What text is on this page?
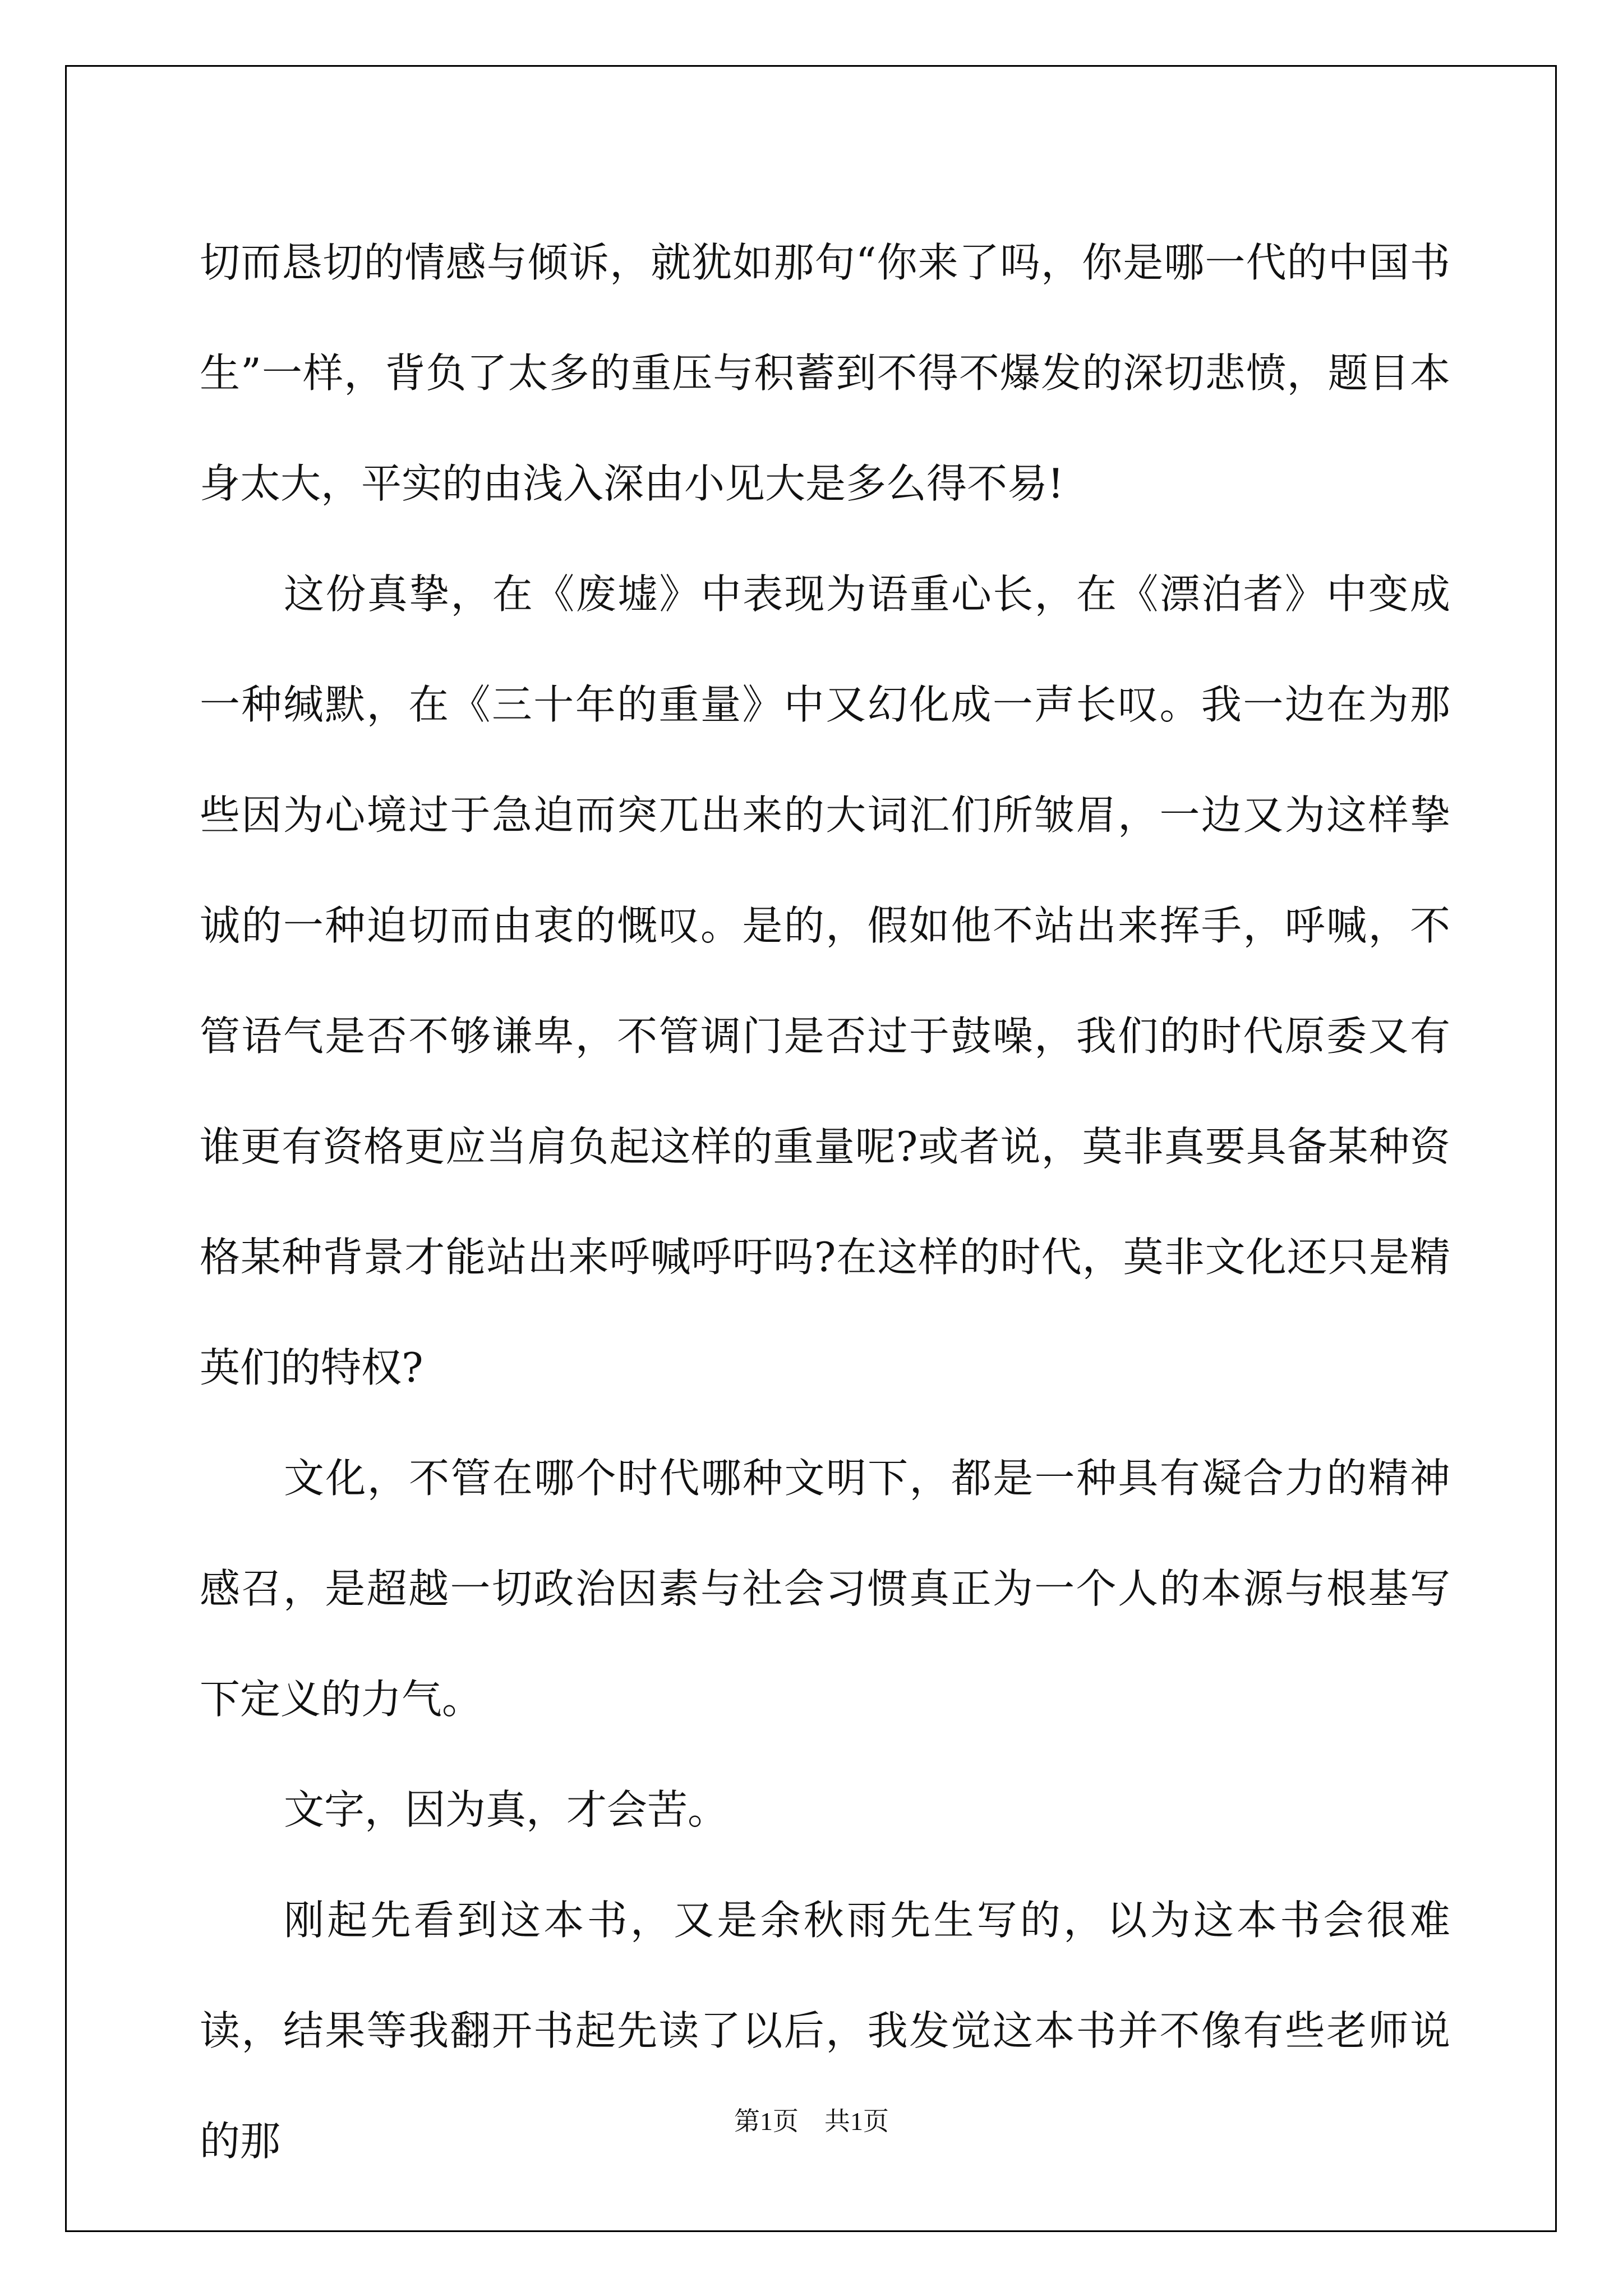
切而恳切的情感与倾诉，就犹如那句“你来了吗，你是哪一代的中国书生”一样，背负了太多的重压与积蓄到不得不爆发的深切悲愤，题目本身太大，平实的由浅入深由小见大是多么得不易!

这份真挚，在《废墟》中表现为语重心长，在《漂泊者》中变成一种缄默，在《三十年的重量》中又幻化成一声长叹。我一边在为那些因为心境过于急迫而突兀出来的大词汇们所皱眉，一边又为这样挚诚的一种迫切而由衷的慨叹。是的，假如他不站出来挥手，呼喊，不管语气是否不够谦卑，不管调门是否过于鼓噪，我们的时代原委又有谁更有资格更应当肩负起这样的重量呢?或者说，莫非真要具备某种资格某种背景才能站出来呼喊呼吁吗?在这样的时代，莫非文化还只是精英们的特权?

文化，不管在哪个时代哪种文明下，都是一种具有凝合力的精神感召，是超越一切政治因素与社会习惯真正为一个人的本源与根基写下定义的力气。

文字，因为真，才会苦。

刚起先看到这本书，又是余秋雨先生写的，以为这本书会很难读，结果等我翻开书起先读了以后，我发觉这本书并不像有些老师说的那	第1页 共1页
